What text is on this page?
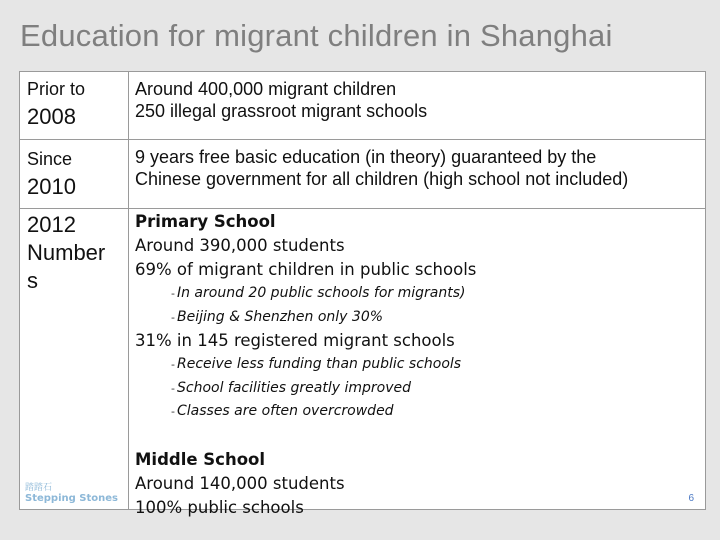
Education for migrant children in Shanghai
Prior to
2008
Around 400,000 migrant children
250 illegal grassroot migrant schools
Since
2010
9 years free basic education (in theory) guaranteed by the
Chinese government for all children (high school not included)
2012
Number
s
Primary School
Around 390,000 students
69% of migrant children in public schools
- In around 20 public schools for migrants)
- Beijing & Shenzhen only 30%
31% in 145 registered migrant schools
- Receive less funding than public schools
- School facilities greatly improved
- Classes are often overcrowded
Middle School
Around 140,000 students
100% public schools
踏踏石
Stepping Stones	6
